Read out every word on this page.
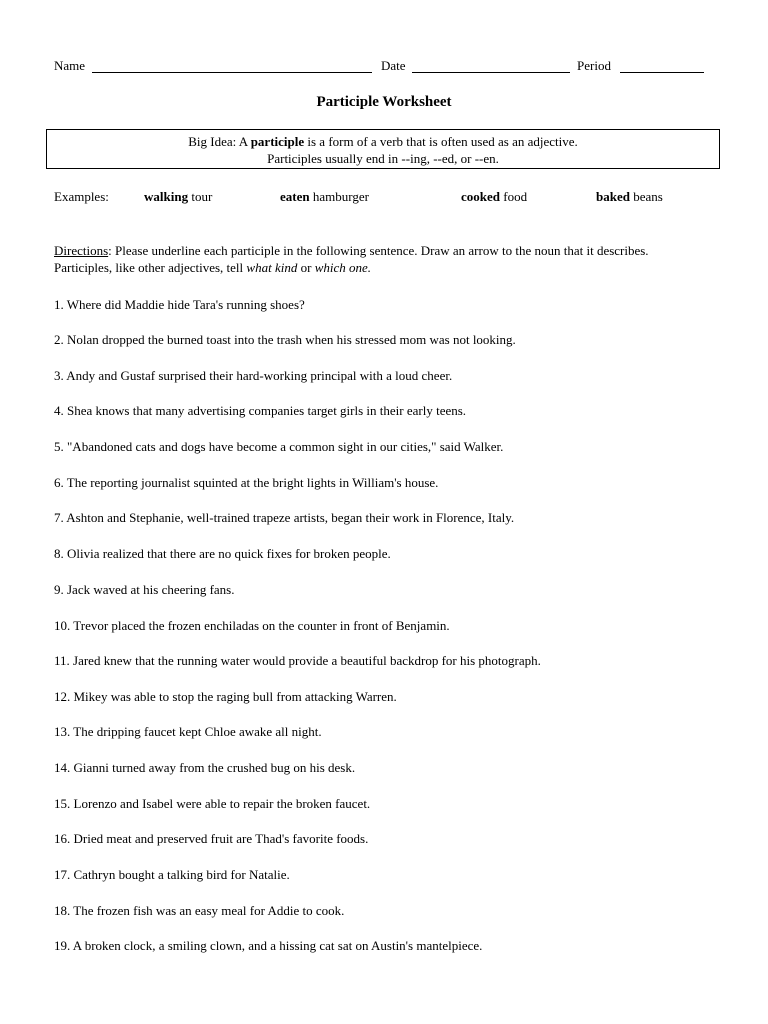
Name	Date	Period
Participle Worksheet
Big Idea: A participle is a form of a verb that is often used as an adjective.
Participles usually end in --ing, --ed, or --en.
Examples:	walking tour	eaten hamburger	cooked food	baked beans
Directions: Please underline each participle in the following sentence. Draw an arrow to the noun that it describes. Participles, like other adjectives, tell what kind or which one.
1. Where did Maddie hide Tara's running shoes?
2. Nolan dropped the burned toast into the trash when his stressed mom was not looking.
3. Andy and Gustaf surprised their hard-working principal with a loud cheer.
4. Shea knows that many advertising companies target girls in their early teens.
5. "Abandoned cats and dogs have become a common sight in our cities," said Walker.
6. The reporting journalist squinted at the bright lights in William's house.
7. Ashton and Stephanie, well-trained trapeze artists, began their work in Florence, Italy.
8. Olivia realized that there are no quick fixes for broken people.
9. Jack waved at his cheering fans.
10. Trevor placed the frozen enchiladas on the counter in front of Benjamin.
11. Jared knew that the running water would provide a beautiful backdrop for his photograph.
12. Mikey was able to stop the raging bull from attacking Warren.
13. The dripping faucet kept Chloe awake all night.
14. Gianni turned away from the crushed bug on his desk.
15. Lorenzo and Isabel were able to repair the broken faucet.
16. Dried meat and preserved fruit are Thad's favorite foods.
17. Cathryn bought a talking bird for Natalie.
18. The frozen fish was an easy meal for Addie to cook.
19. A broken clock, a smiling clown, and a hissing cat sat on Austin's mantelpiece.
